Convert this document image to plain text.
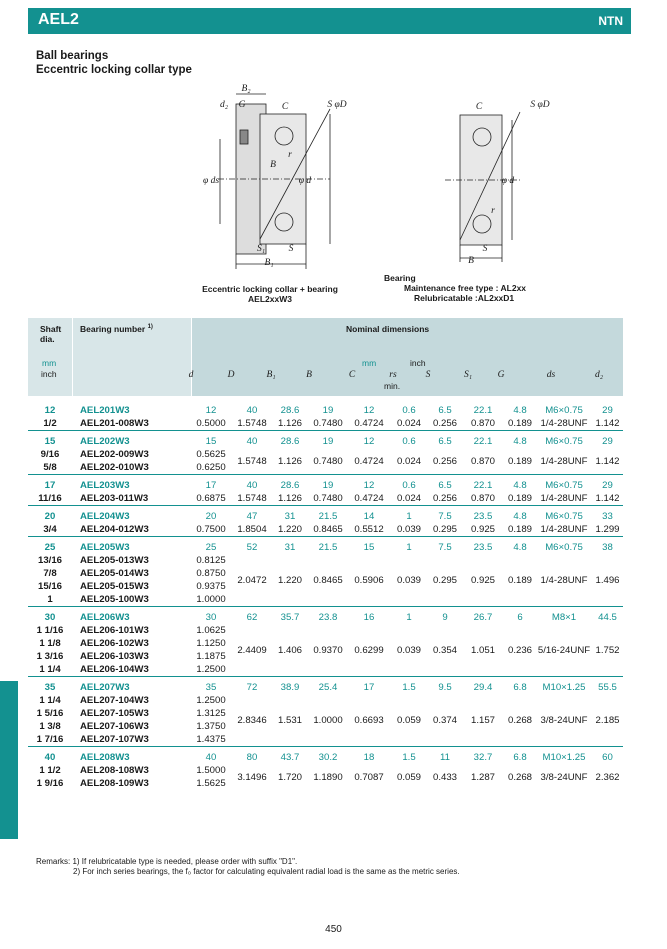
AEL2	NTN
Ball bearings
Eccentric locking collar type
B₂
d₂	G	C	S φD
r
B
φ ds	φ d
S₁	S
B₁
C	S φD
r
φ d
S
B
Eccentric locking collar + bearing
AEL2xxW3
Bearing
Maintenance free type : AL2xx
Relubricatable :AL2xxD1
Shaft
dia.
mm
inch
Bearing number $^{1)}$	Nominal dimensions
mm	inch
d	D	B₁	B	C	rs
min.
S	S₁	G	ds	d₂
12	AEL201W3	12	40	28.6	19	12	0.6	6.5	22.1	4.8	M6×0.75	29
1/2	AEL201-008W3	0.5000	1.5748	1.126	0.7480	0.4724	0.024	0.256	0.870	0.189	1/4-28UNF	1.142
15	AEL202W3	15	40	28.6	19	12	0.6	6.5	22.1	4.8	M6×0.75	29
9/16	AEL202-009W3	0.5625	1.5748	1.126	0.7480	0.4724	0.024	0.256	0.870	0.189	1/4-28UNF	1.142
5/8	AEL202-010W3	0.6250										
17	AEL203W3	17	40	28.6	19	12	0.6	6.5	22.1	4.8	M6×0.75	29
11/16	AEL203-011W3	0.6875	1.5748	1.126	0.7480	0.4724	0.024	0.256	0.870	0.189	1/4-28UNF	1.142
20	AEL204W3	20	47	31	21.5	14	1	7.5	23.5	4.8	M6×0.75	33
3/4	AEL204-012W3	0.7500	1.8504	1.220	0.8465	0.5512	0.039	0.295	0.925	0.189	1/4-28UNF	1.299
25	AEL205W3	25	52	31	21.5	15	1	7.5	23.5	4.8	M6×0.75	38
13/16	AEL205-013W3	0.8125	2.0472	1.220	0.8465	0.5906	0.039	0.295	0.925	0.189	1/4-28UNF	1.496
7/8	AEL205-014W3	0.8750										
15/16	AEL205-015W3	0.9375										
1	AEL205-100W3	1.0000										
30	AEL206W3	30	62	35.7	23.8	16	1	9	26.7	6	M8×1	44.5
1 1/16	AEL206-101W3	1.0625	2.4409	1.406	0.9370	0.6299	0.039	0.354	1.051	0.236	5/16-24UNF	1.752
1 1/8	AEL206-102W3	1.1250										
1 3/16	AEL206-103W3	1.1875										
1 1/4	AEL206-104W3	1.2500										
35	AEL207W3	35	72	38.9	25.4	17	1.5	9.5	29.4	6.8	M10×1.25	55.5
1 1/4	AEL207-104W3	1.2500	2.8346	1.531	1.0000	0.6693	0.059	0.374	1.157	0.268	3/8-24UNF	2.185
1 5/16	AEL207-105W3	1.3125										
1 3/8	AEL207-106W3	1.3750										
1 7/16	AEL207-107W3	1.4375										
40	AEL208W3	40	80	43.7	30.2	18	1.5	11	32.7	6.8	M10×1.25	60
1 1/2	AEL208-108W3	1.5000	3.1496	1.720	1.1890	0.7087	0.059	0.433	1.287	0.268	3/8-24UNF	2.362
1 9/16	AEL208-109W3	1.5625										
Remarks: 1) If relubricatable type is needed, please order with suffix "D1".
2) For inch series bearings, the f₀ factor for calculating equivalent radial load is the same as the metric series.
450
